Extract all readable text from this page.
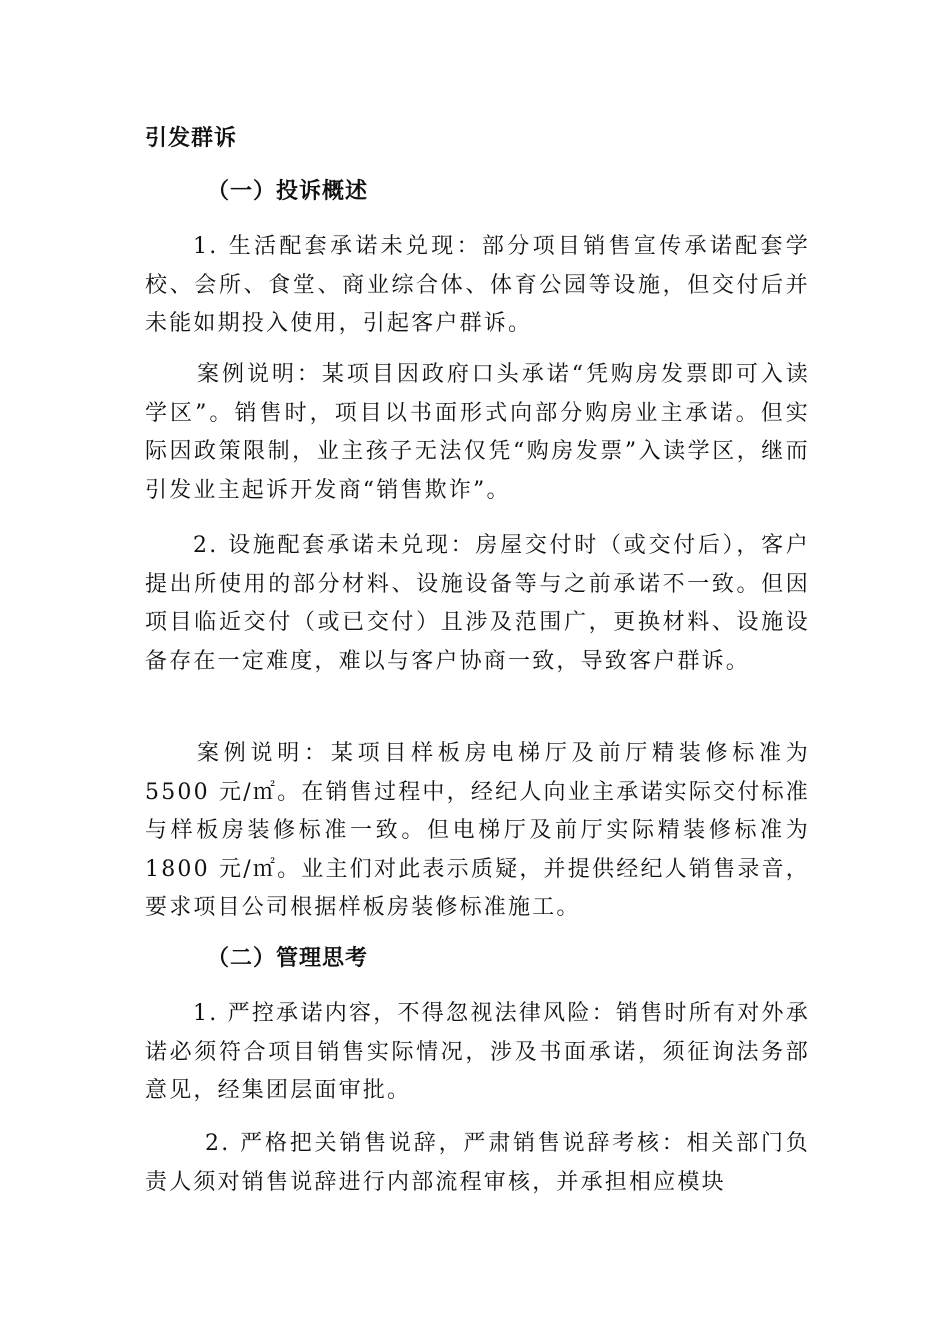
引发群诉

（一）投诉概述

1. 生活配套承诺未兑现：部分项目销售宣传承诺配套学校、会所、食堂、商业综合体、体育公园等设施，但交付后并未能如期投入使用，引起客户群诉。

案例说明：某项目因政府口头承诺“凭购房发票即可入读学区”。销售时，项目以书面形式向部分购房业主承诺。但实际因政策限制，业主孩子无法仅凭“购房发票”入读学区，继而引发业主起诉开发商“销售欺诈”。

2. 设施配套承诺未兑现：房屋交付时（或交付后），客户提出所使用的部分材料、设施设备等与之前承诺不一致。但因项目临近交付（或已交付）且涉及范围广，更换材料、设施设备存在一定难度，难以与客户协商一致，导致客户群诉。

案例说明：某项目样板房电梯厅及前厅精装修标准为5500 元/㎡。在销售过程中，经纪人向业主承诺实际交付标准与样板房装修标准一致。但电梯厅及前厅实际精装修标准为1800 元/㎡。业主们对此表示质疑，并提供经纪人销售录音，要求项目公司根据样板房装修标准施工。

（二）管理思考

1. 严控承诺内容，不得忽视法律风险：销售时所有对外承诺必须符合项目销售实际情况，涉及书面承诺，须征询法务部意见，经集团层面审批。

2. 严格把关销售说辞，严肃销售说辞考核：相关部门负责人须对销售说辞进行内部流程审核，并承担相应模块
